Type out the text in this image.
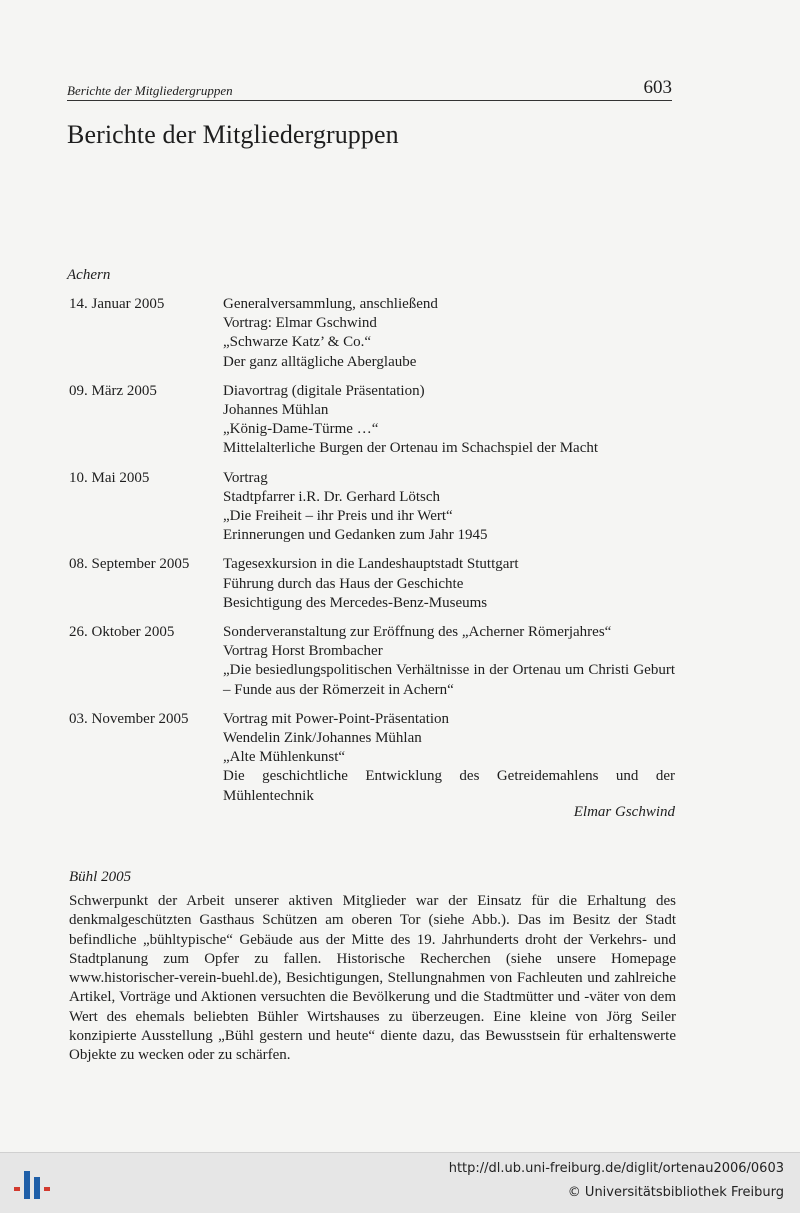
Berichte der Mitgliedergruppen	603
Berichte der Mitgliedergruppen
Achern
14. Januar 2005	Generalversammlung, anschließend
Vortrag: Elmar Gschwind
„Schwarze Katz’ & Co.“
Der ganz alltägliche Aberglaube
09. März 2005	Diavortrag (digitale Präsentation)
Johannes Mühlan
„König-Dame-Türme …“
Mittelalterliche Burgen der Ortenau im Schachspiel der Macht
10. Mai 2005	Vortrag
Stadtpfarrer i.R. Dr. Gerhard Lötsch
„Die Freiheit – ihr Preis und ihr Wert“
Erinnerungen und Gedanken zum Jahr 1945
08. September 2005	Tagesexkursion in die Landeshauptstadt Stuttgart
Führung durch das Haus der Geschichte
Besichtigung des Mercedes-Benz-Museums
26. Oktober 2005	Sonderveranstaltung zur Eröffnung des „Acherner Römerjahres“
Vortrag Horst Brombacher
„Die besiedlungspolitischen Verhältnisse in der Ortenau um Christi Geburt – Funde aus der Römerzeit in Achern“
03. November 2005	Vortrag mit Power-Point-Präsentation
Wendelin Zink/Johannes Mühlan
„Alte Mühlenkunst“
Die geschichtliche Entwicklung des Getreidemahlens und der Mühlentechnik
Elmar Gschwind
Bühl 2005

Schwerpunkt der Arbeit unserer aktiven Mitglieder war der Einsatz für die Erhaltung des denkmalgeschützten Gasthaus Schützen am oberen Tor (siehe Abb.). Das im Besitz der Stadt befindliche „bühltypische“ Gebäude aus der Mitte des 19. Jahrhunderts droht der Verkehrs- und Stadtplanung zum Opfer zu fallen. Historische Recherchen (siehe unsere Homepage www.historischer-verein-buehl.de), Besichtigungen, Stellungnahmen von Fachleuten und zahlreiche Artikel, Vorträge und Aktionen versuchten die Bevölkerung und die Stadtmütter und -väter von dem Wert des ehemals beliebten Bühler Wirtshauses zu überzeugen. Eine kleine von Jörg Seiler konzipierte Ausstellung „Bühl gestern und heute“ diente dazu, das Bewusstsein für erhaltenswerte Objekte zu wecken oder zu schärfen.

http://dl.ub.uni-freiburg.de/diglit/ortenau2006/0603
© Universitätsbibliothek Freiburg
